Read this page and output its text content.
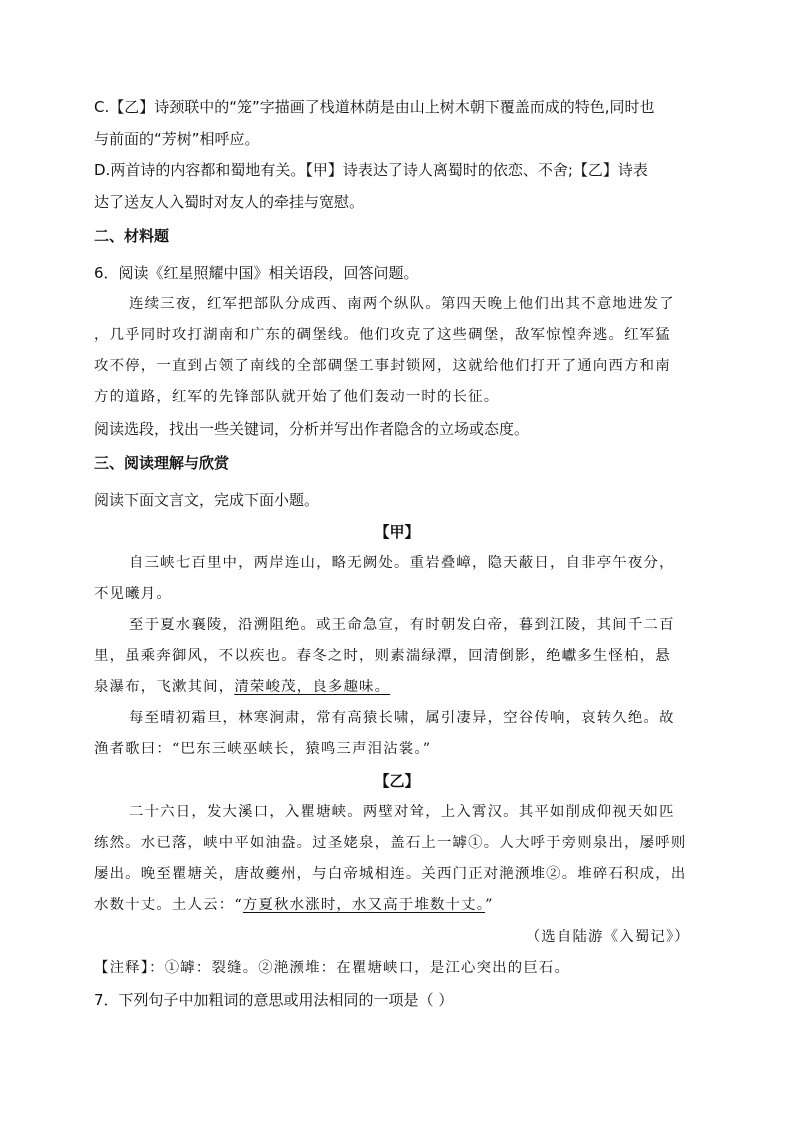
C.【乙】诗颈联中的“笼”字描画了栈道林荫是由山上树木朝下覆盖而成的特色,同时也
与前面的“芳树”相呼应。
D.两首诗的内容都和蜀地有关。【甲】诗表达了诗人离蜀时的依恋、不舍;【乙】诗表
达了送友人入蜀时对友人的牵挂与宽慰。
二、材料题
6．阅读《红星照耀中国》相关语段，回答问题。
连续三夜，红军把部队分成西、南两个纵队。第四天晚上他们出其不意地进发了
，几乎同时攻打湖南和广东的碉堡线。他们攻克了这些碉堡，敌军惊惶奔逃。红军猛
攻不停，一直到占领了南线的全部碉堡工事封锁网，这就给他们打开了通向西方和南
方的道路，红军的先锋部队就开始了他们轰动一时的长征。
阅读选段，找出一些关键词，分析并写出作者隐含的立场或态度。
三、阅读理解与欣赏
阅读下面文言文，完成下面小题。
【甲】
自三峡七百里中，两岸连山，略无阙处。重岩叠嶂，隐天蔽日，自非亭午夜分，
不见曦月。
至于夏水襄陵，沿溯阻绝。或王命急宣，有时朝发白帝，暮到江陵，其间千二百
里，虽乘奔御风，不以疾也。春冬之时，则素湍绿潭，回清倒影，绝巘多生怪柏，悬
泉瀑布，飞漱其间，清荣峻茂，良多趣味。
每至晴初霜旦，林寒涧肃，常有高猿长啸，属引凄异，空谷传响，哀转久绝。故
渔者歌曰：“巴东三峡巫峡长，猿鸣三声泪沾裳。”
【乙】
二十六日，发大溪口，入瞿塘峡。两壁对耸，上入霄汉。其平如削成仰视天如匹
练然。水已落，峡中平如油盎。过圣姥泉，盖石上一罅①。人大呼于旁则泉出，屡呼则
屡出。晚至瞿塘关，唐故夔州，与白帝城相连。关西门正对滟滪堆②。堆碎石积成，出
水数十丈。土人云：“方夏秋水涨时，水又高于堆数十丈。”
（选自陆游《入蜀记》）
【注释】：①罅：裂缝。②滟滪堆：在瞿塘峡口，是江心突出的巨石。
7．下列句子中加粗词的意思或用法相同的一项是（ ）
